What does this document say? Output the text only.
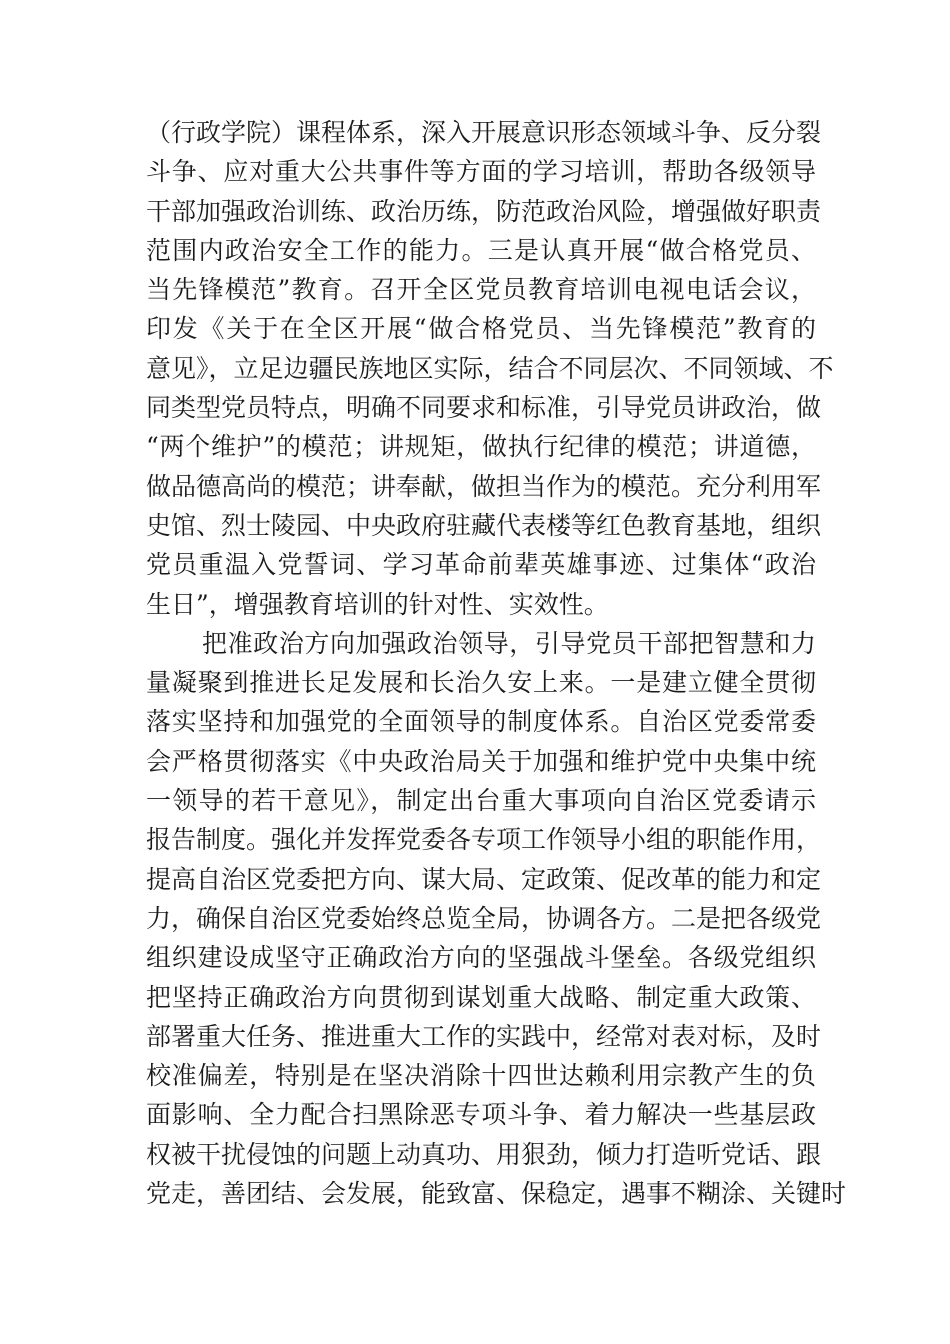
（行政学院）课程体系，深入开展意识形态领域斗争、反分裂
斗争、应对重大公共事件等方面的学习培训，帮助各级领导
干部加强政治训练、政治历练，防范政治风险，增强做好职责
范围内政治安全工作的能力。三是认真开展“做合格党员、
当先锋模范”教育。召开全区党员教育培训电视电话会议，
印发《关于在全区开展“做合格党员、当先锋模范”教育的
意见》，立足边疆民族地区实际，结合不同层次、不同领域、不
同类型党员特点，明确不同要求和标准，引导党员讲政治，做
“两个维护”的模范；讲规矩，做执行纪律的模范；讲道德，
做品德高尚的模范；讲奉献，做担当作为的模范。充分利用军
史馆、烈士陵园、中央政府驻藏代表楼等红色教育基地，组织
党员重温入党誓词、学习革命前辈英雄事迹、过集体“政治
生日”，增强教育培训的针对性、实效性。
把准政治方向加强政治领导，引导党员干部把智慧和力
量凝聚到推进长足发展和长治久安上来。一是建立健全贯彻
落实坚持和加强党的全面领导的制度体系。自治区党委常委
会严格贯彻落实《中央政治局关于加强和维护党中央集中统
一领导的若干意见》，制定出台重大事项向自治区党委请示
报告制度。强化并发挥党委各专项工作领导小组的职能作用，
提高自治区党委把方向、谋大局、定政策、促改革的能力和定
力，确保自治区党委始终总览全局，协调各方。二是把各级党
组织建设成坚守正确政治方向的坚强战斗堡垒。各级党组织
把坚持正确政治方向贯彻到谋划重大战略、制定重大政策、
部署重大任务、推进重大工作的实践中，经常对表对标，及时
校准偏差，特别是在坚决消除十四世达赖利用宗教产生的负
面影响、全力配合扫黑除恶专项斗争、着力解决一些基层政
权被干扰侵蚀的问题上动真功、用狠劲，倾力打造听党话、跟
党走，善团结、会发展，能致富、保稳定，遇事不糊涂、关键时
